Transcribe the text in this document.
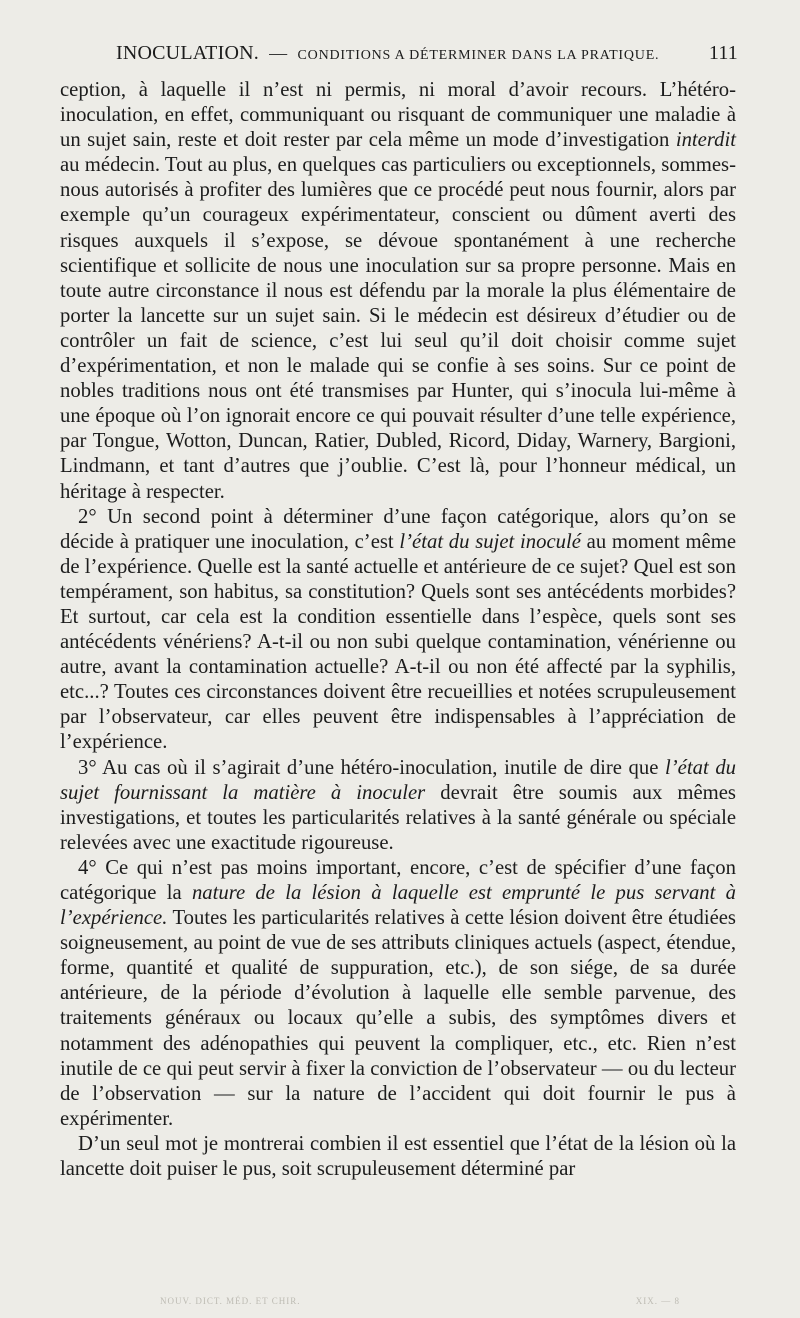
INOCULATION. — CONDITIONS A DÉTERMINER DANS LA PRATIQUE. 111

ception, à laquelle il n’est ni permis, ni moral d’avoir recours. L’hétéro-inoculation, en effet, communiquant ou risquant de communiquer une maladie à un sujet sain, reste et doit rester par cela même un mode d’investigation interdit au médecin. Tout au plus, en quelques cas particuliers ou exceptionnels, sommes-nous autorisés à profiter des lumières que ce procédé peut nous fournir, alors par exemple qu’un courageux expérimentateur, conscient ou dûment averti des risques auxquels il s’expose, se dévoue spontanément à une recherche scientifique et sollicite de nous une inoculation sur sa propre personne. Mais en toute autre circonstance il nous est défendu par la morale la plus élémentaire de porter la lancette sur un sujet sain. Si le médecin est désireux d’étudier ou de contrôler un fait de science, c’est lui seul qu’il doit choisir comme sujet d’expérimentation, et non le malade qui se confie à ses soins. Sur ce point de nobles traditions nous ont été transmises par Hunter, qui s’inocula lui-même à une époque où l’on ignorait encore ce qui pouvait résulter d’une telle expérience, par Tongue, Wotton, Duncan, Ratier, Dubled, Ricord, Diday, Warnery, Bargioni, Lindmann, et tant d’autres que j’oublie. C’est là, pour l’honneur médical, un héritage à respecter.

2° Un second point à déterminer d’une façon catégorique, alors qu’on se décide à pratiquer une inoculation, c’est l’état du sujet inoculé au moment même de l’expérience. Quelle est la santé actuelle et antérieure de ce sujet? Quel est son tempérament, son habitus, sa constitution? Quels sont ses antécédents morbides? Et surtout, car cela est la condition essentielle dans l’espèce, quels sont ses antécédents vénériens? A-t-il ou non subi quelque contamination, vénérienne ou autre, avant la contamination actuelle? A-t-il ou non été affecté par la syphilis, etc...? Toutes ces circonstances doivent être recueillies et notées scrupuleusement par l’observateur, car elles peuvent être indispensables à l’appréciation de l’expérience.

3° Au cas où il s’agirait d’une hétéro-inoculation, inutile de dire que l’état du sujet fournissant la matière à inoculer devrait être soumis aux mêmes investigations, et toutes les particularités relatives à la santé générale ou spéciale relevées avec une exactitude rigoureuse.

4° Ce qui n’est pas moins important, encore, c’est de spécifier d’une façon catégorique la nature de la lésion à laquelle est emprunté le pus servant à l’expérience. Toutes les particularités relatives à cette lésion doivent être étudiées soigneusement, au point de vue de ses attributs cliniques actuels (aspect, étendue, forme, quantité et qualité de suppuration, etc.), de son siége, de sa durée antérieure, de la période d’évolution à laquelle elle semble parvenue, des traitements généraux ou locaux qu’elle a subis, des symptômes divers et notamment des adénopathies qui peuvent la compliquer, etc., etc. Rien n’est inutile de ce qui peut servir à fixer la conviction de l’observateur — ou du lecteur de l’observation — sur la nature de l’accident qui doit fournir le pus à expérimenter.

D’un seul mot je montrerai combien il est essentiel que l’état de la lésion où la lancette doit puiser le pus, soit scrupuleusement déterminé par

NOUV. DICT. MÉD. ET CHIR.	XIX. — 8
